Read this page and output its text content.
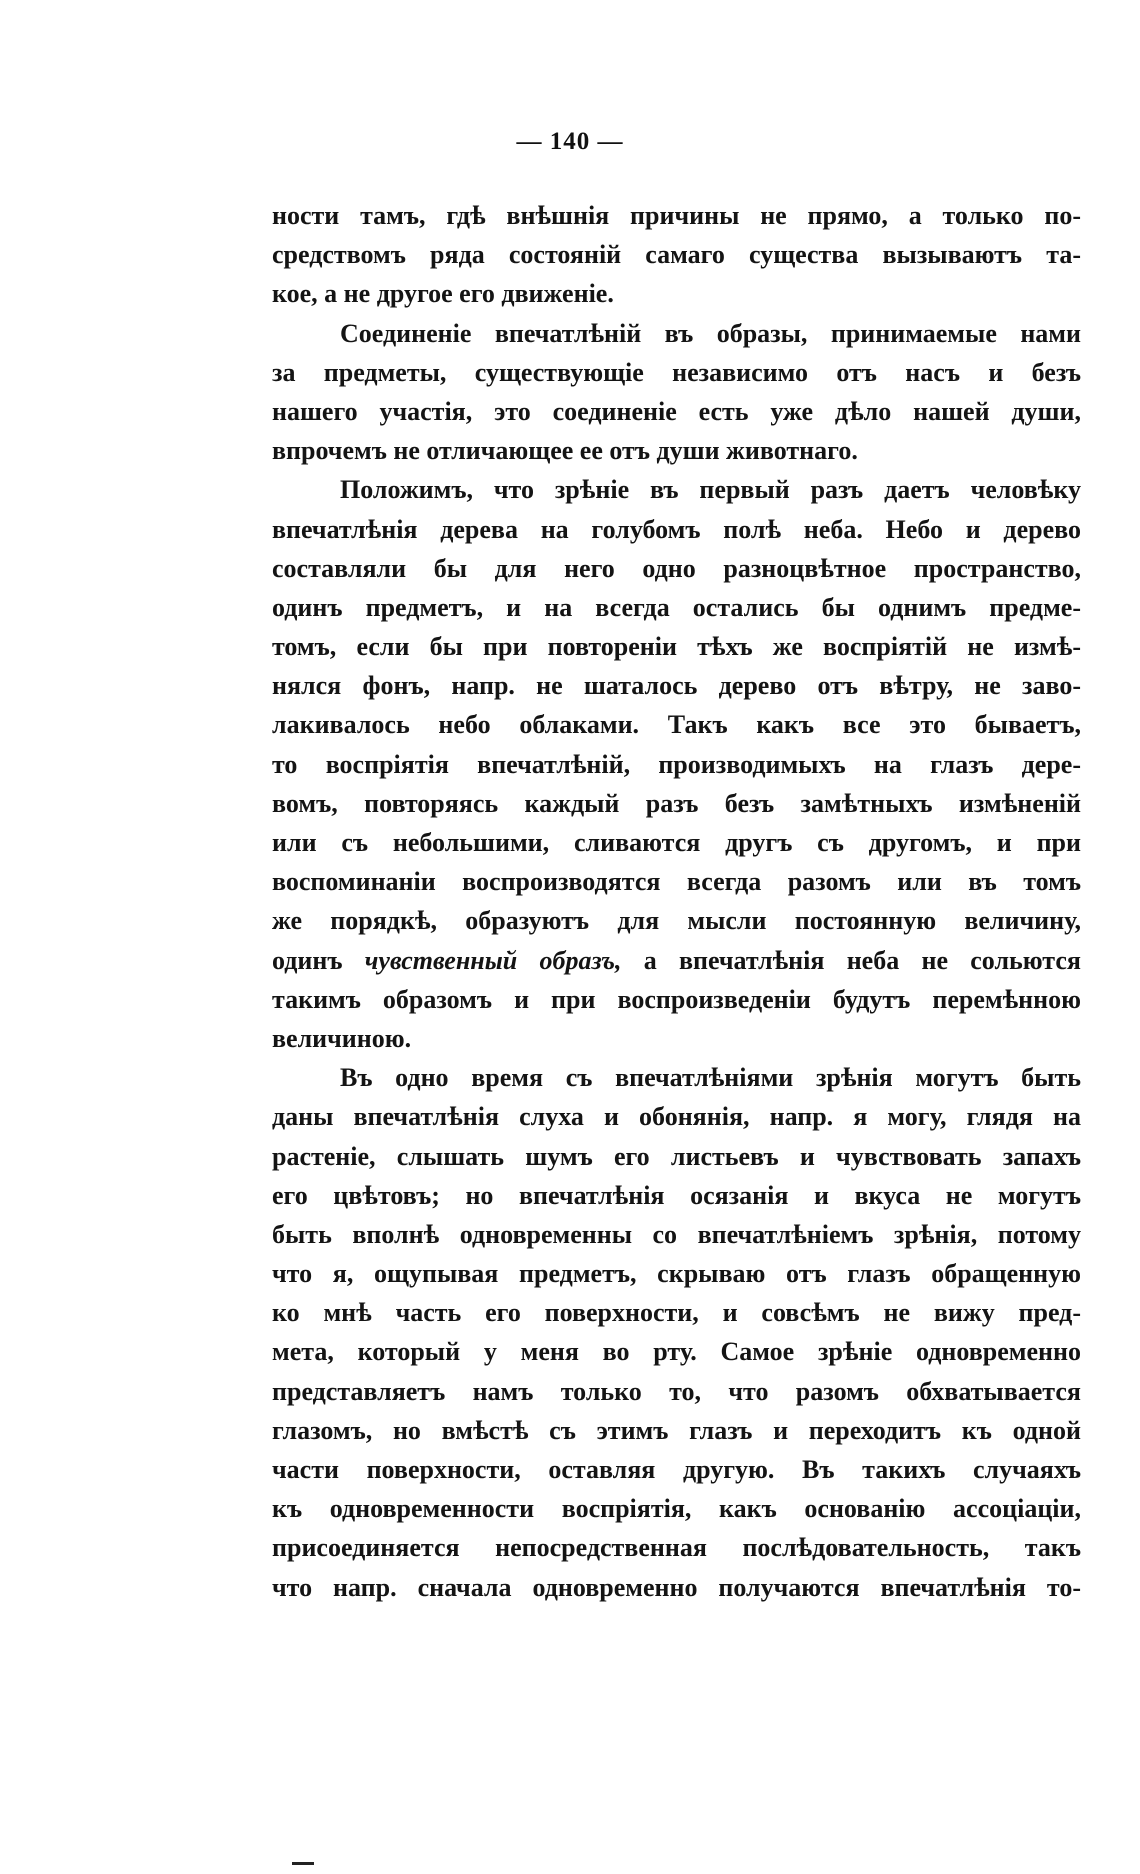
— 140 —
ности тамъ, гдѣ внѣшнія причины не прямо, а только по-
средствомъ ряда состояній самаго существа вызываютъ та-
кое, а не другое его движеніе.
Соединеніе впечатлѣній въ образы, принимаемые нами
за предметы, существующіе независимо отъ насъ и безъ
нашего участія, это соединеніе есть уже дѣло нашей души,
впрочемъ не отличающее ее отъ души животнаго.
Положимъ, что зрѣніе въ первый разъ даетъ человѣку
впечатлѣнія дерева на голубомъ полѣ неба. Небо и дерево
составляли бы для него одно разноцвѣтное пространство,
одинъ предметъ, и на всегда остались бы однимъ предме-
томъ, если бы при повтореніи тѣхъ же воспріятій не измѣ-
нялся фонъ, напр. не шаталось дерево отъ вѣтру, не заво-
лакивалось небо облаками. Такъ какъ все это бываетъ,
то воспріятія впечатлѣній, производимыхъ на глазъ дере-
вомъ, повторяясь каждый разъ безъ замѣтныхъ измѣненій
или съ небольшими, сливаются другъ съ другомъ, и при
воспоминаніи воспроизводятся всегда разомъ или въ томъ
же порядкѣ, образуютъ для мысли постоянную величину,
одинъ чувственный образъ, а впечатлѣнія неба не сольются
такимъ образомъ и при воспроизведеніи будутъ перемѣнною
величиною.
Въ одно время съ впечатлѣніями зрѣнія могутъ быть
даны впечатлѣнія слуха и обонянія, напр. я могу, глядя на
растеніе, слышать шумъ его листьевъ и чувствовать запахъ
его цвѣтовъ; но впечатлѣнія осязанія и вкуса не могутъ
быть вполнѣ одновременны со впечатлѣніемъ зрѣнія, потому
что я, ощупывая предметъ, скрываю отъ глазъ обращенную
ко мнѣ часть его поверхности, и совсѣмъ не вижу пред-
мета, который у меня во рту. Самое зрѣніе одновременно
представляетъ намъ только то, что разомъ обхватывается
глазомъ, но вмѣстѣ съ этимъ глазъ и переходитъ къ одной
части поверхности, оставляя другую. Въ такихъ случаяхъ
къ одновременности воспріятія, какъ основанію ассоціаціи,
присоединяется непосредственная послѣдовательность, такъ
что напр. сначала одновременно получаются впечатлѣнія то-
